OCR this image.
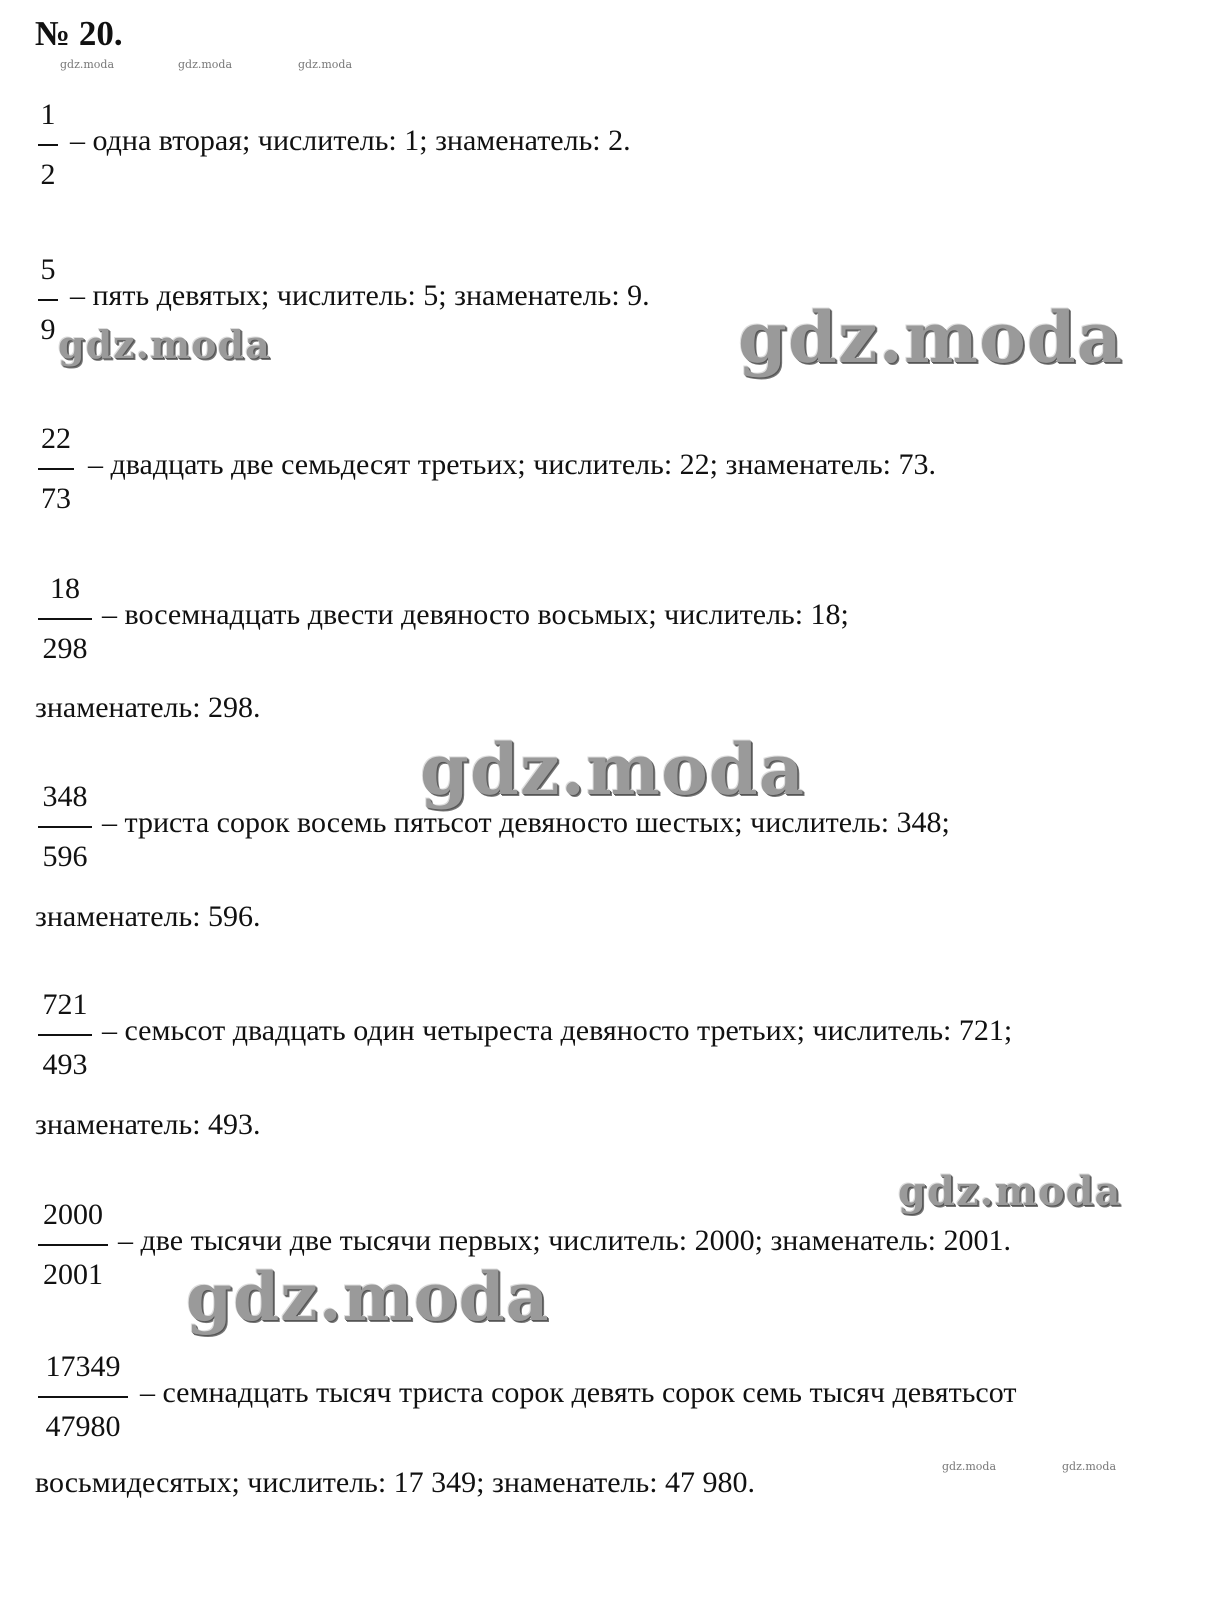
№ 20.
gdz.moda	gdz.moda	gdz.moda
gdz.moda	gdz.moda
gdz.moda	gdz.moda
gdz.moda
gdz.moda
gdz.moda
1
2
– одна вторая; числитель: 1; знаменатель: 2.
5
9
– пять девятых; числитель: 5; знаменатель: 9.
22
73
– двадцать две семьдесят третьих; числитель: 22; знаменатель: 73.
18
298
– восемнадцать двести девяносто восьмых; числитель: 18;
знаменатель: 298.
348
596
– триста сорок восемь пятьсот девяносто шестых; числитель: 348;
знаменатель: 596.
721
493
– семьсот двадцать один четыреста девяносто третьих; числитель: 721;
знаменатель: 493.
2000
2001
– две тысячи две тысячи первых; числитель: 2000; знаменатель: 2001.
17349
47980
– семнадцать тысяч триста сорок девять сорок семь тысяч девятьсот
восьмидесятых; числитель: 17 349; знаменатель: 47 980.
